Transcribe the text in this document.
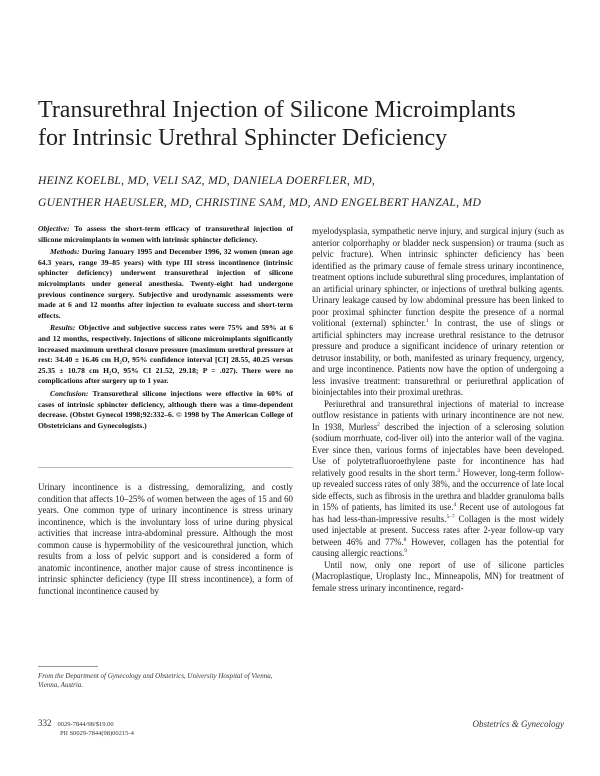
Transurethral Injection of Silicone Microimplants
for Intrinsic Urethral Sphincter Deficiency
HEINZ KOELBL, MD, VELI SAZ, MD, DANIELA DOERFLER, MD,
GUENTHER HAEUSLER, MD, CHRISTINE SAM, MD, AND ENGELBERT HANZAL, MD

Objective: To assess the short-term efficacy of transurethral injection of silicone microimplants in women with intrinsic sphincter deficiency.

Methods: During January 1995 and December 1996, 32 women (mean age 64.3 years, range 39–85 years) with type III stress incontinence (intrinsic sphincter deficiency) underwent transurethral injection of silicone microimplants under general anesthesia. Twenty-eight had undergone previous continence surgery. Subjective and urodynamic assessments were made at 6 and 12 months after injection to evaluate success and short-term effects.

Results: Objective and subjective success rates were 75% and 59% at 6 and 12 months, respectively. Injections of silicone microimplants significantly increased maximum urethral closure pressure (maximum urethral pressure at rest: 34.40 ± 16.46 cm H₂O, 95% confidence interval [CI] 28.55, 40.25 versus 25.35 ± 10.78 cm H₂O, 95% CI 21.52, 29.18; P = .027). There were no complications after surgery up to 1 year.

Conclusion: Transurethral silicone injections were effective in 60% of cases of intrinsic sphincter deficiency, although there was a time-dependent decrease. (Obstet Gynecol 1998;92:332–6. © 1998 by The American College of Obstetricians and Gynecologists.)

Urinary incontinence is a distressing, demoralizing, and costly condition that affects 10–25% of women between the ages of 15 and 60 years. One common type of urinary incontinence is stress urinary incontinence, which is the involuntary loss of urine during physical activities that increase intra-abdominal pressure. Although the most common cause is hypermobility of the vesicourethral junction, which results from a loss of pelvic support and is considered a form of anatomic incontinence, another major cause of stress incontinence is intrinsic sphincter deficiency (type III stress incontinence), a form of functional incontinence caused by

myelodysplasia, sympathetic nerve injury, and surgical injury (such as anterior colporrhaphy or bladder neck suspension) or trauma (such as pelvic fracture). When intrinsic sphincter deficiency has been identified as the primary cause of female stress urinary incontinence, treatment options include suburethral sling procedures, implantation of an artificial urinary sphincter, or injections of urethral bulking agents. Urinary leakage caused by low abdominal pressure has been linked to poor proximal sphincter function despite the presence of a normal volitional (external) sphincter.$^1$ In contrast, the use of slings or artificial sphincters may increase urethral resistance to the detrusor pressure and produce a significant incidence of urinary retention or detrusor instability, or both, manifested as urinary frequency, urgency, and urge incontinence. Patients now have the option of undergoing a less invasive treatment: transurethral or periurethral application of bioinjectables into their proximal urethras.

Periurethral and transurethral injections of material to increase outflow resistance in patients with urinary incontinence are not new. In 1938, Murless$^2$ described the injection of a sclerosing solution (sodium morrhuate, cod-liver oil) into the anterior wall of the vagina. Ever since then, various forms of injectables have been developed. Use of polytetrafluoroethylene paste for incontinence has had relatively good results in the short term.$^3$ However, long-term follow-up revealed success rates of only 38%, and the occurrence of late local side effects, such as fibrosis in the urethra and bladder granuloma balls in 15% of patients, has limited its use.$^4$ Recent use of autologous fat has had less-than-impressive results.$^{5-7}$ Collagen is the most widely used injectable at present. Success rates after 2-year follow-up vary between 46% and 77%.$^8$ However, collagen has the potential for causing allergic reactions.$^9$

Until now, only one report of use of silicone particles (Macroplastique, Uroplasty Inc., Minneapolis, MN) for treatment of female stress urinary incontinence, regard-

From the Department of Gynecology and Obstetrics, University Hospital of Vienna, Vienna, Austria.
332 0029-7844/98/$19.00
PII S0029-7844(98)00215-4
Obstetrics & Gynecology
